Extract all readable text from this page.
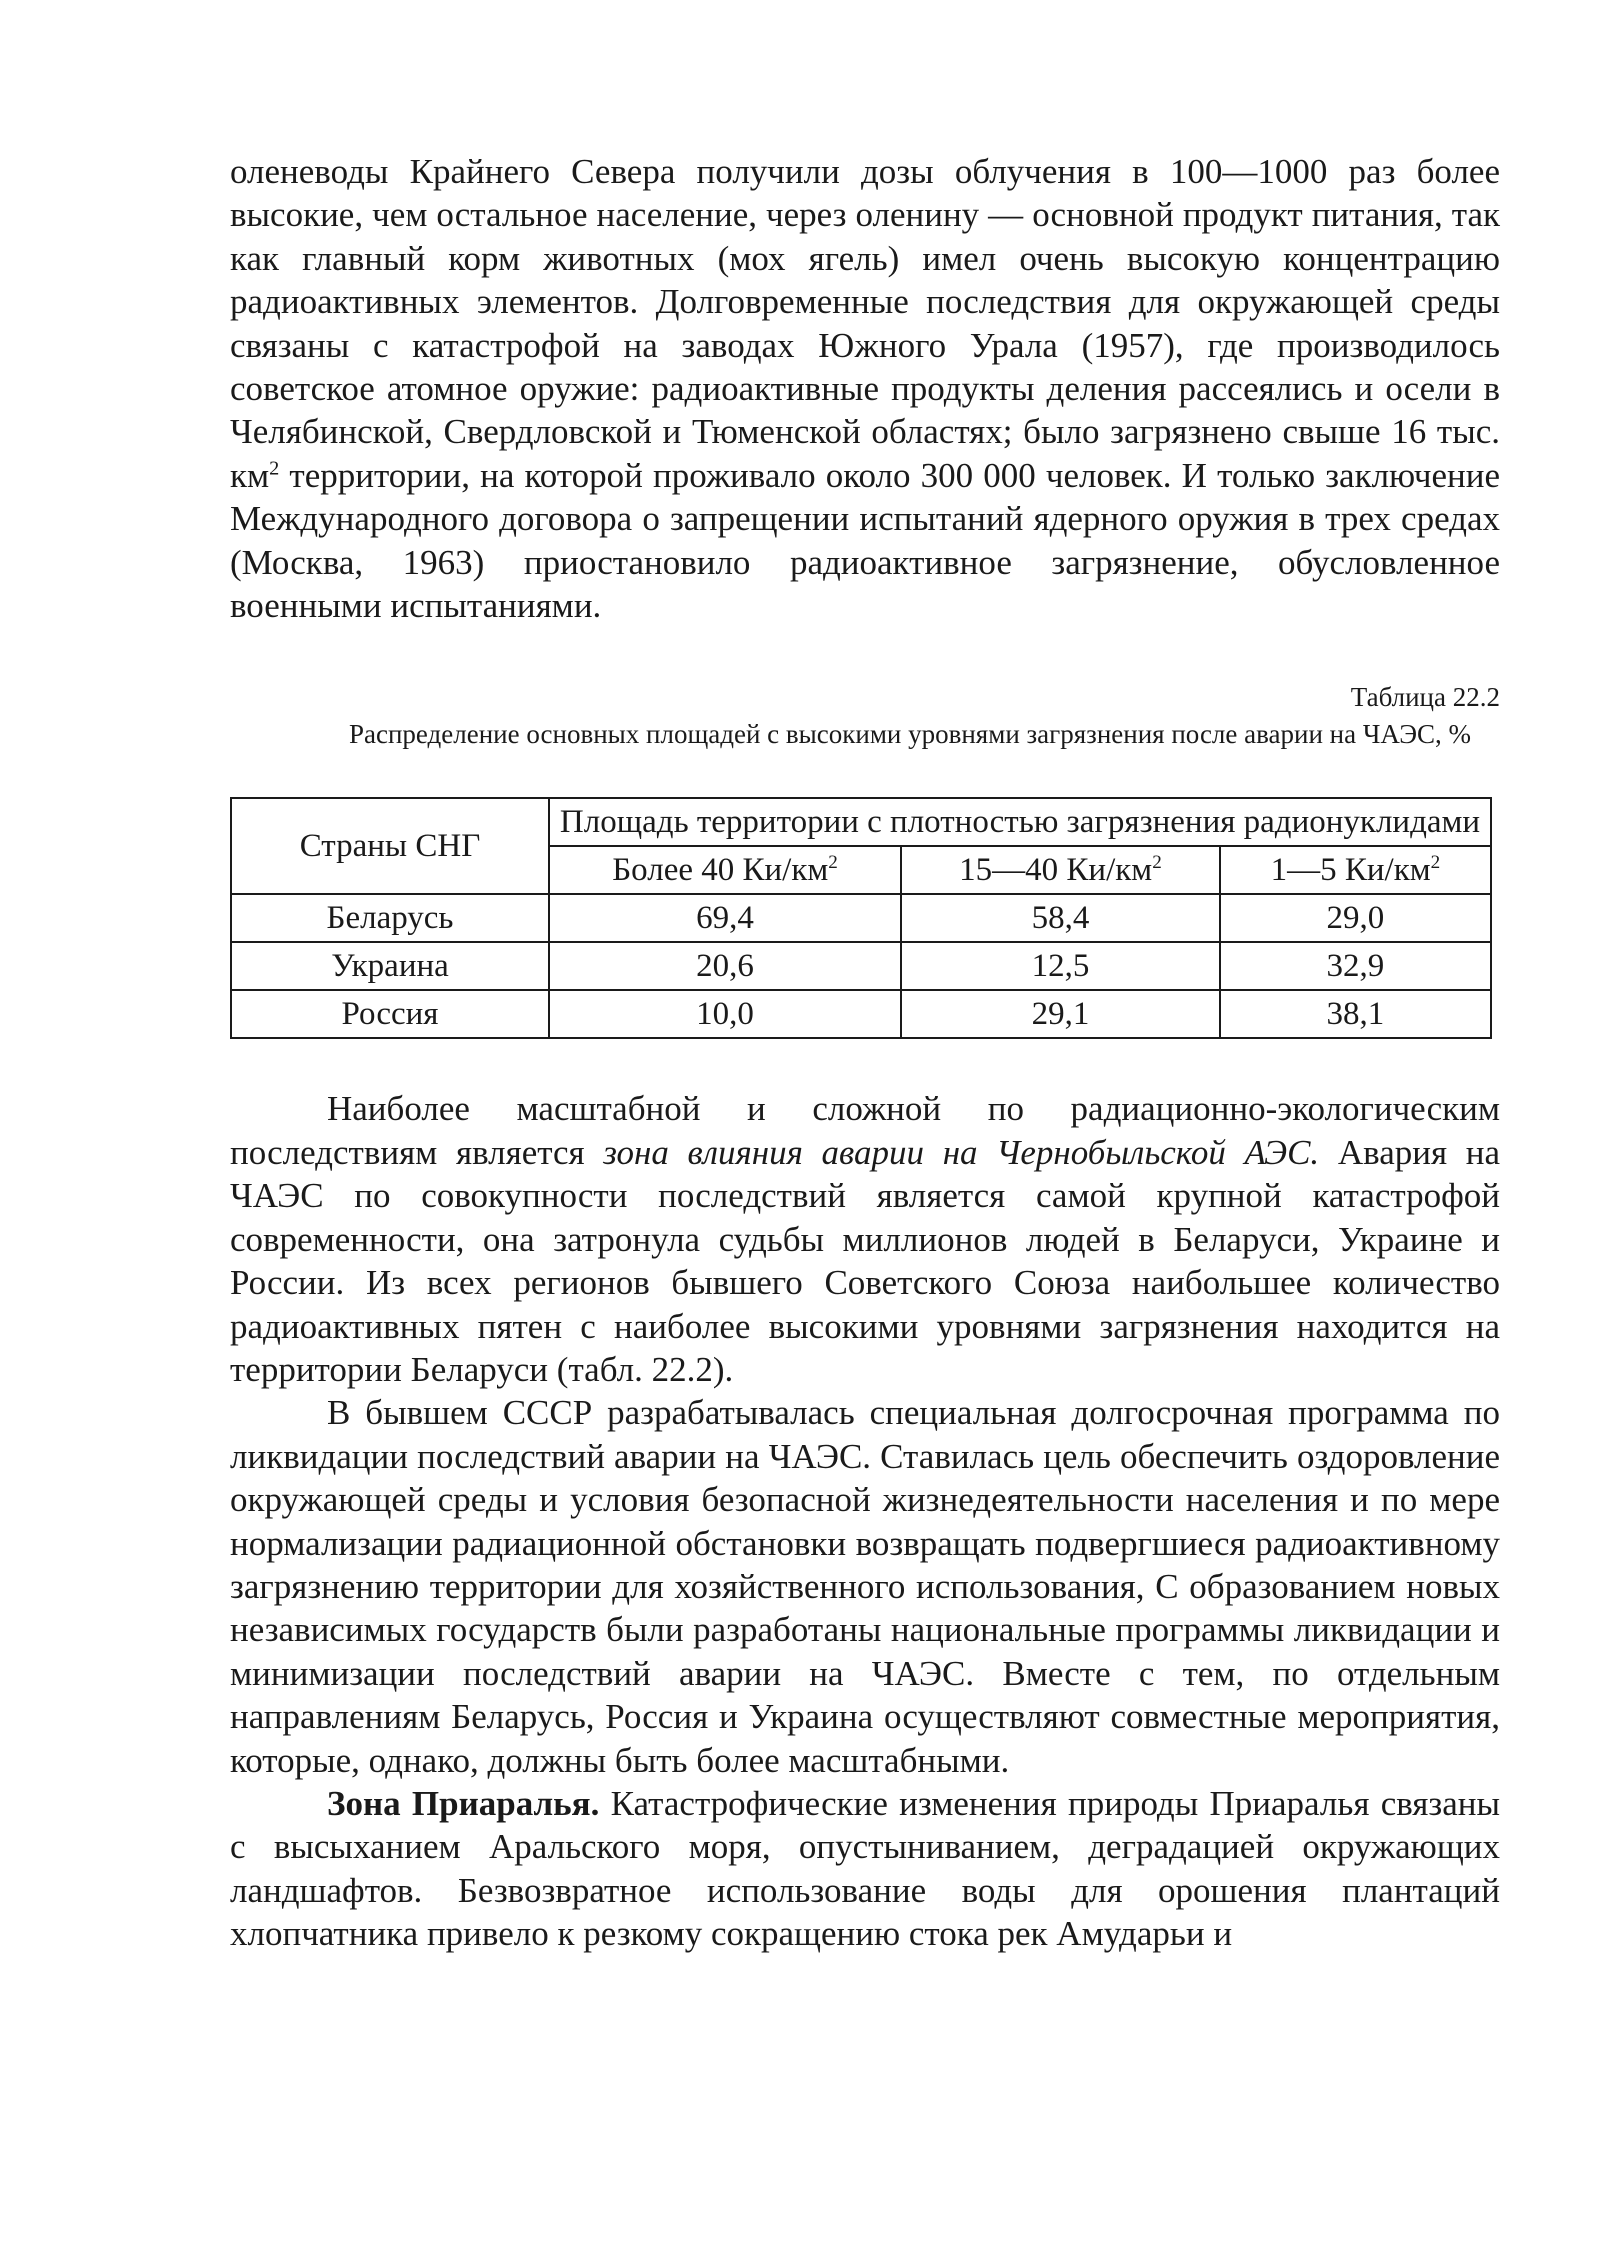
оленеводы Крайнего Севера получили дозы облучения в 100—1000 раз более высокие, чем остальное население, через оленину — основной продукт питания, так как главный корм животных (мох ягель) имел очень высокую концентрацию радиоактивных элементов. Долговременные последствия для окружающей среды связаны с катастрофой на заводах Южного Урала (1957), где производилось советское атомное оружие: радиоактивные продукты деления рассеялись и осели в Челябинской, Свердловской и Тюменской областях; было загрязнено свыше 16 тыс. $км^2$ территории, на которой проживало около 300 000 человек. И только заключение Международного договора о запрещении испытаний ядерного оружия в трех средах (Москва, 1963) приостановило радиоактивное загрязнение, обусловленное военными испытаниями.

Таблица 22.2
Распределение основных площадей с высокими уровнями загрязнения после аварии на ЧАЭС, %
Страны СНГ	Площадь территории с плотностью загрязнения радионуклидами		
	Более 40 $Ки/км^2$	15—40 $Ки/км^2$	1—5 $Ки/км^2$
Беларусь	69,4	58,4	29,0
Украина	20,6	12,5	32,9
Россия	10,0	29,1	38,1

Наиболее масштабной и сложной по радиационно-экологическим последствиям является зона влияния аварии на Чернобыльской АЭС. Авария на ЧАЭС по совокупности последствий является самой крупной катастрофой современности, она затронула судьбы миллионов людей в Беларуси, Украине и России. Из всех регионов бывшего Советского Союза наибольшее количество радиоактивных пятен с наиболее высокими уровнями загрязнения находится на территории Беларуси (табл. 22.2).

В бывшем СССР разрабатывалась специальная долгосрочная программа по ликвидации последствий аварии на ЧАЭС. Ставилась цель обеспечить оздоровление окружающей среды и условия безопасной жизнедеятельности населения и по мере нормализации радиационной обстановки возвращать подвергшиеся радиоактивному загрязнению территории для хозяйственного использования, С образованием новых независимых государств были разработаны национальные программы ликвидации и минимизации последствий аварии на ЧАЭС. Вместе с тем, по отдельным направлениям Беларусь, Россия и Украина осуществляют совместные мероприятия, которые, однако, должны быть более масштабными.

Зона Приаралья. Катастрофические изменения природы Приаралья связаны с высыханием Аральского моря, опустыниванием, деградацией окружающих ландшафтов. Безвозвратное использование воды для орошения плантаций хлопчатника привело к резкому сокращению стока рек Амударьи и
